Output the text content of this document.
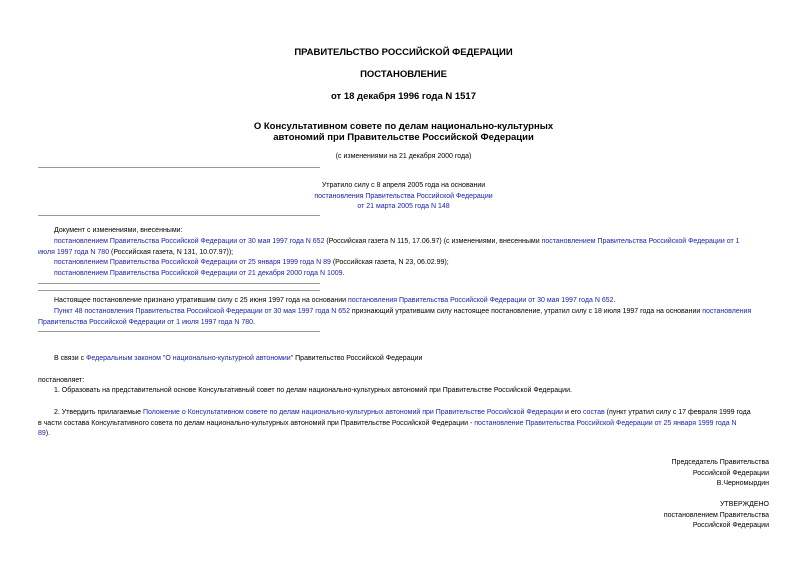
ПРАВИТЕЛЬСТВО РОССИЙСКОЙ ФЕДЕРАЦИИ
ПОСТАНОВЛЕНИЕ
от 18 декабря 1996 года N 1517
О Консультативном совете по делам национально-культурных
автономий при Правительстве Российской Федерации
(с изменениями на 21 декабря 2000 года)
Утратило силу с 8 апреля 2005 года на основании
постановления Правительства Российской Федерации
от 21 марта 2005 года N 148
Документ с изменениями, внесенными:
постановлением Правительства Российской Федерации от 30 мая 1997 года N 652 (Российская газета N 115, 17.06.97) (с изменениями, внесенными постановлением Правительства Российской Федерации от 1
июля 1997 года N 780 (Российская газета, N 131, 10.07.97));
постановлением Правительства Российской Федерации от 25 января 1999 года N 89 (Российская газета, N 23, 06.02.99);
постановлением Правительства Российской Федерации от 21 декабря 2000 года N 1009.
Настоящее постановление признано утратившим силу с 25 июня 1997 года на основании постановления Правительства Российской Федерации от 30 мая 1997 года N 652.
Пункт 48 постановления Правительства Российской Федерации от 30 мая 1997 года N 652 признающий утратившим силу настоящее постановление, утратил силу с 18 июля 1997 года на основании постановления
Правительства Российской Федерации от 1 июля 1997 года N 780.
В связи с Федеральным законом "О национально-культурной автономии" Правительство Российской Федерации
постановляет:
1. Образовать на представительной основе Консультативный совет по делам национально-культурных автономий при Правительстве Российской Федерации.
2. Утвердить прилагаемые Положение о Консультативном совете по делам национально-культурных автономий при Правительстве Российской Федерации и его состав (пункт утратил силу с 17 февраля 1999 года
в части состава Консультативного совета по делам национально-культурных автономий при Правительстве Российской Федерации - постановление Правительства Российской Федерации от 25 января 1999 года N
89).
Председатель Правительства
Российской Федерации
В.Черномырдин
УТВЕРЖДЕНО
постановлением Правительства
Российской Федерации
